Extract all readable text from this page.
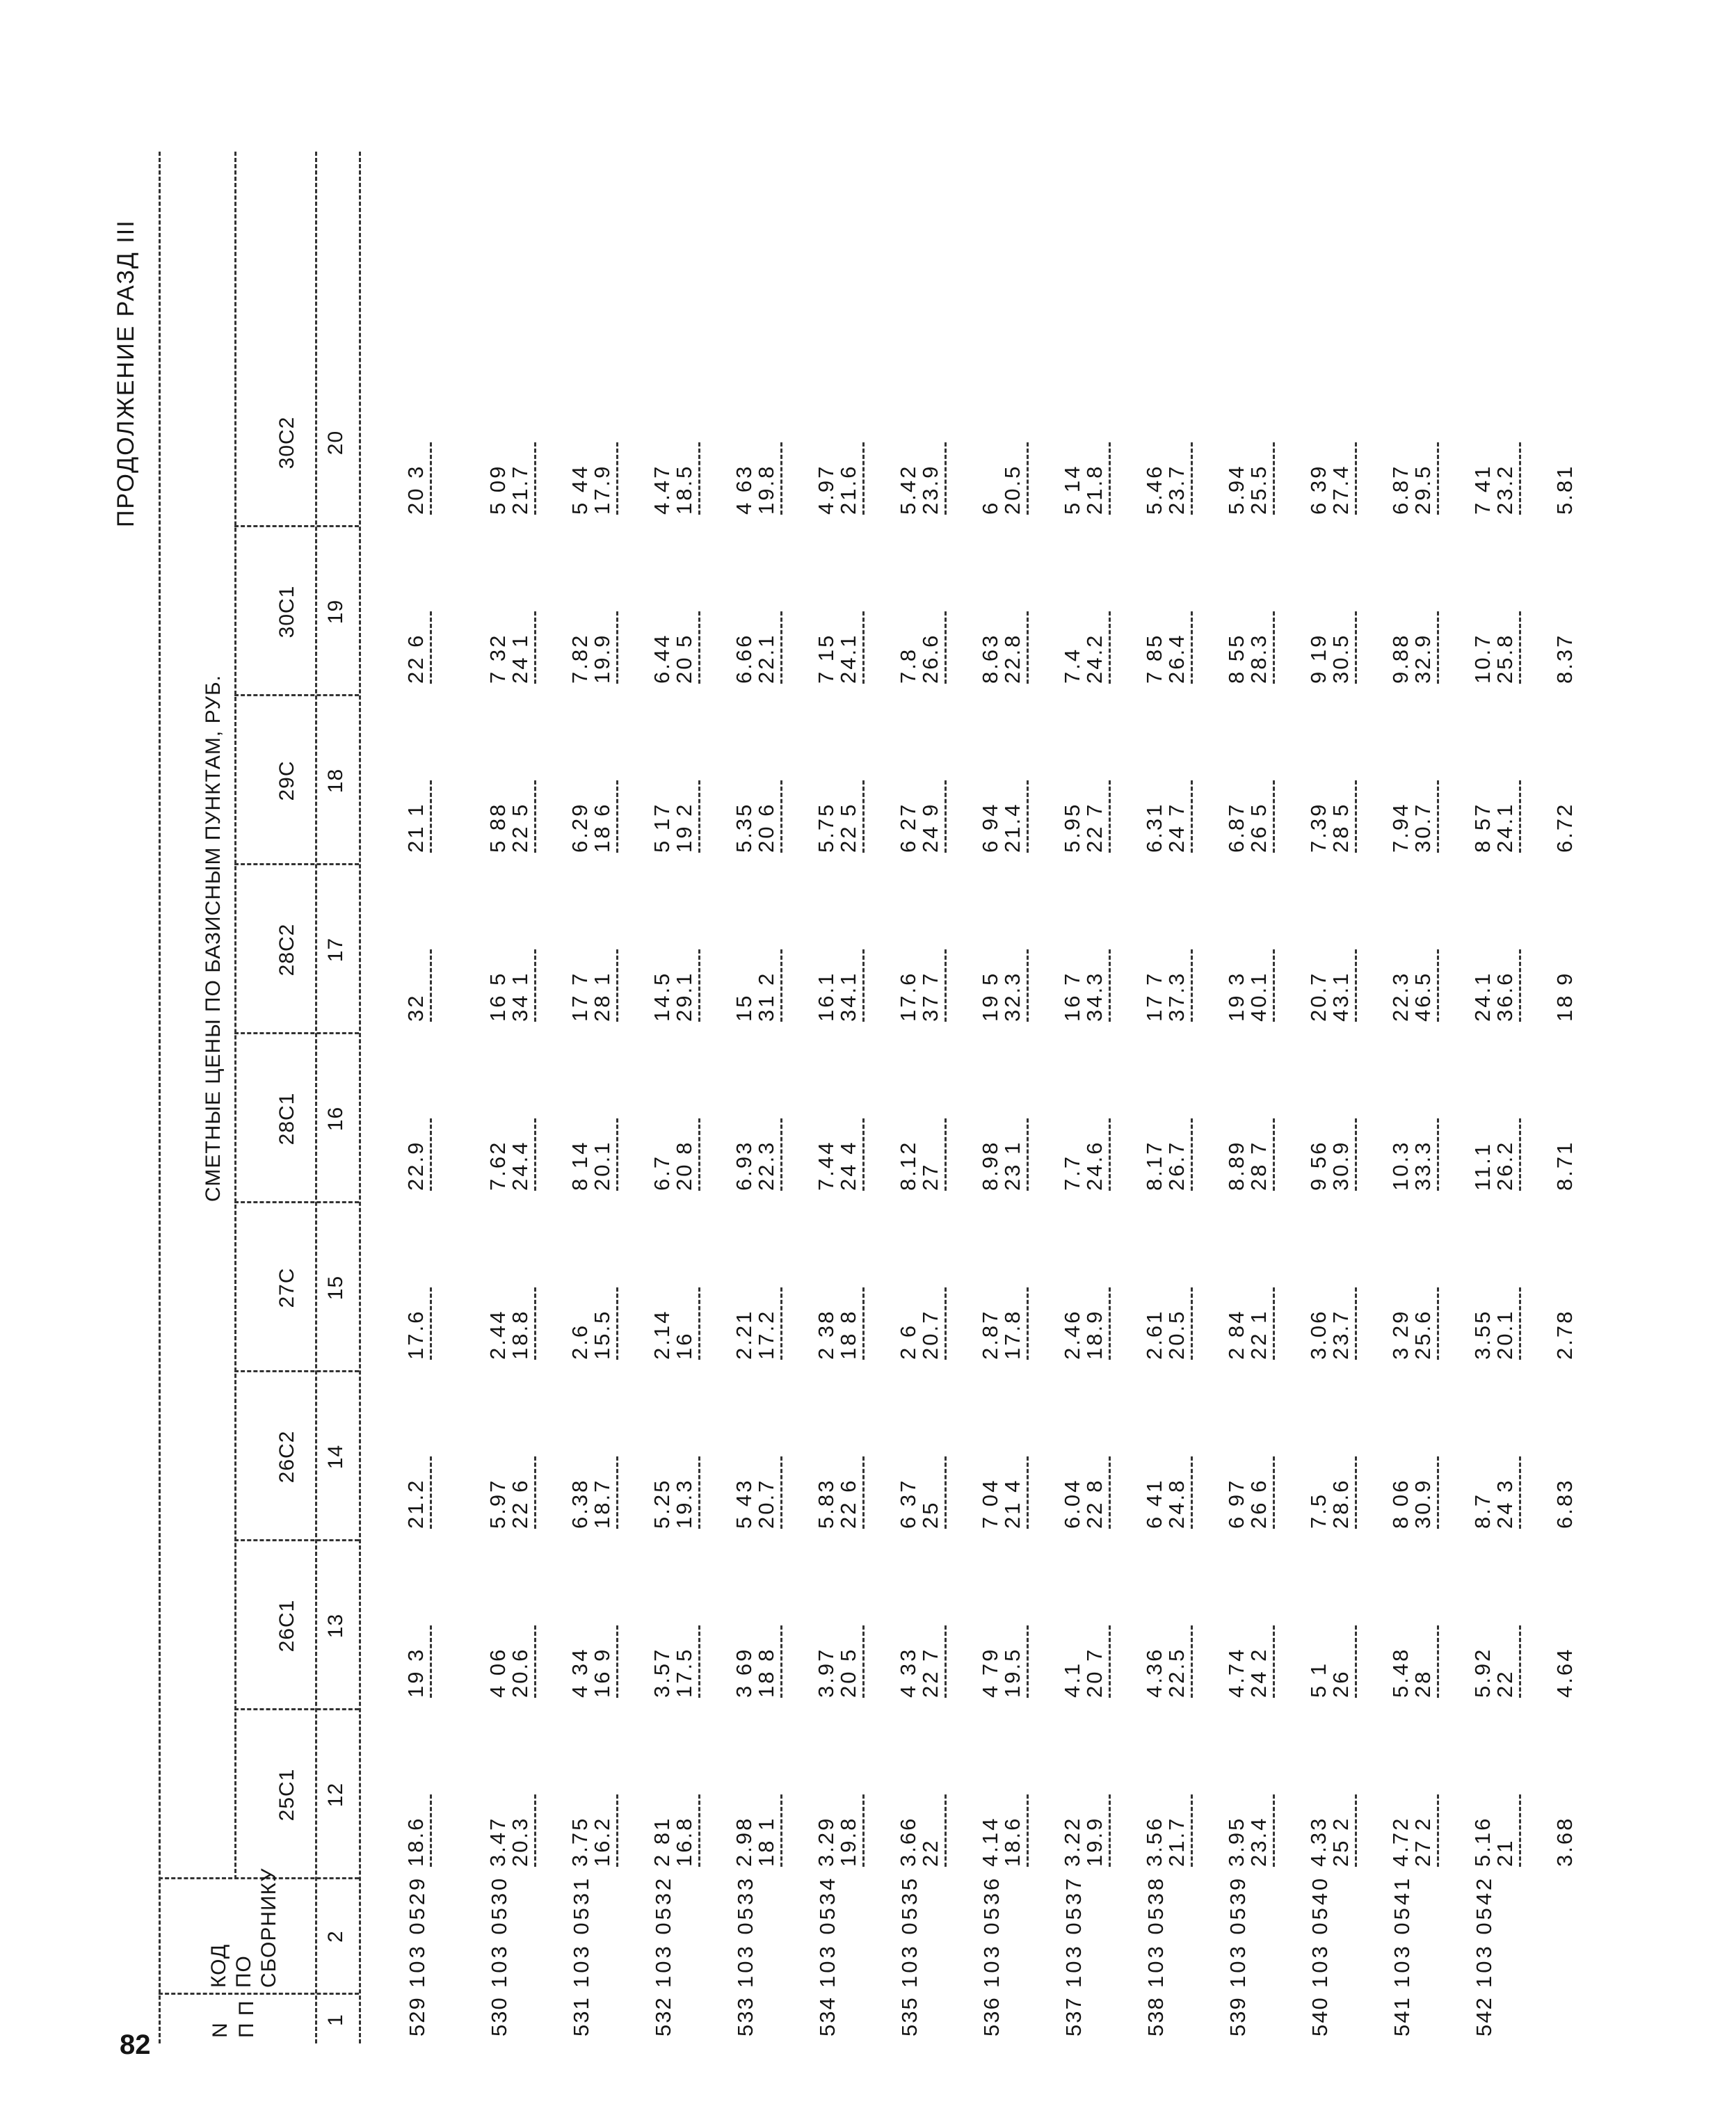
82
ПРОДОЛЖЕНИЕ РАЗД III
N П П
КОД ПО СБОРНИКУ
СМЕТНЫЕ ЦЕНЫ ПО БАЗИСНЫМ ПУНКТАМ, РУБ.
25С1
26С1
26С2
27С
28С1
28С2
29С
30С1
30С2
1
2
12
13
14
15
16
17
18
19
20
529
103 0529
18.6
19 3
21.2
17.6
22.9
32
21 1
22 6
20 3
530
103 0530
3.47
20.3
4 06
20.6
5.97
22 6
2.44
18.8
7.62
24.4
16 5
34 1
5 88
22 5
7 32
24 1
5 09
21.7
531
103 0531
3.75
16.2
4 34
16 9
6.38
18.7
2.6
15.5
8 14
20.1
17 7
28 1
6.29
18 6
7.82
19.9
5 44
17.9
532
103 0532
2 81
16.8
3.57
17.5
5.25
19.3
2.14
16
6.7
20 8
14.5
29.1
5 17
19 2
6.44
20 5
4.47
18.5
533
103 0533
2.98
18 1
3 69
18 8
5 43
20.7
2.21
17.2
6.93
22.3
15
31 2
5.35
20 6
6.66
22.1
4 63
19.8
534
103 0534
3.29
19.8
3.97
20 5
5.83
22 6
2 38
18 8
7.44
24 4
16.1
34.1
5.75
22 5
7 15
24.1
4.97
21.6
535
103 0535
3.66
22
4 33
22 7
6 37
25
2 6
20.7
8.12
27
17.6
37 7
6 27
24 9
7.8
26.6
5.42
23.9
536
103 0536
4.14
18.6
4 79
19.5
7 04
21 4
2.87
17.8
8.98
23 1
19 5
32.3
6 94
21.4
8.63
22.8
6
20.5
537
103 0537
3.22
19.9
4.1
20 7
6.04
22 8
2.46
18.9
7.7
24.6
16 7
34.3
5.95
22 7
7.4
24.2
5 14
21.8
538
103 0538
3.56
21.7
4.36
22.5
6 41
24.8
2.61
20.5
8.17
26.7
17 7
37.3
6.31
24 7
7 85
26.4
5.46
23.7
539
103 0539
3.95
23.4
4.74
24 2
6 97
26 6
2 84
22 1
8.89
28 7
19 3
40.1
6.87
26 5
8 55
28.3
5.94
25.5
540
103 0540
4.33
25 2
5 1
26
7.5
28.6
3.06
23.7
9 56
30.9
20.7
43.1
7.39
28 5
9 19
30.5
6 39
27.4
541
103 0541
4.72
27 2
5.48
28
8 06
30.9
3 29
25.6
10.3
33.3
22.3
46.5
7.94
30.7
9.88
32.9
6.87
29.5
542
103 0542
5.16
21
5.92
22
8.7
24 3
3.55
20.1
11.1
26.2
24.1
36.6
8 57
24.1
10.7
25.8
7 41
23.2
3.68
4.64
6.83
2.78
8.71
18 9
6.72
8.37
5.81
